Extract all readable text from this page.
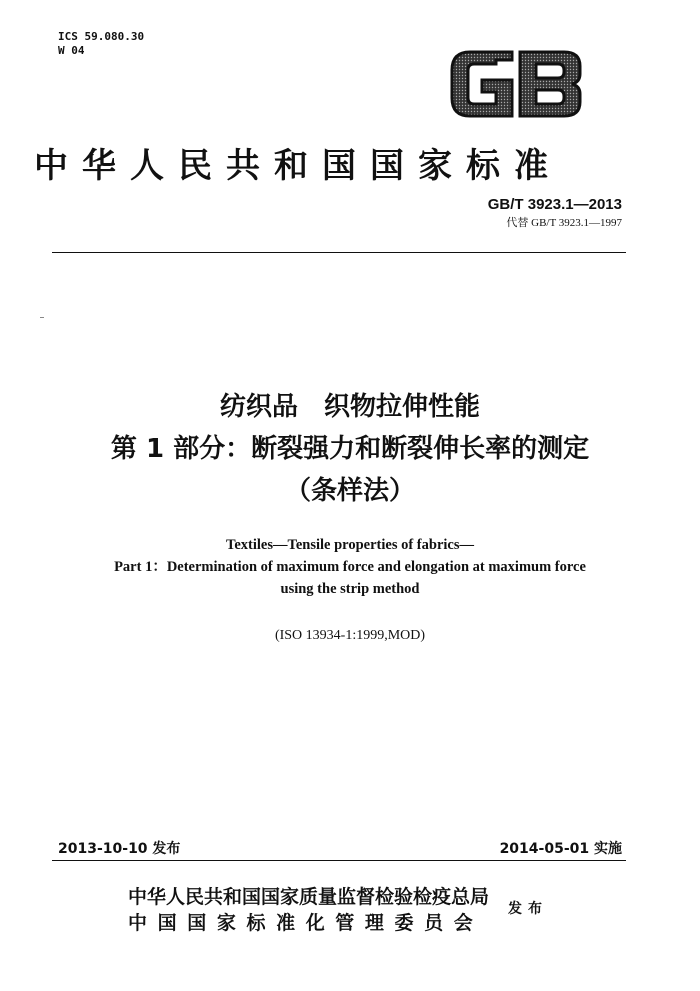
ICS 59.080.30
W 04
中华人民共和国国家标准
GB/T 3923.1—2013
代替 GB/T 3923.1—1997
纺织品　织物拉伸性能
第 1 部分：断裂强力和断裂伸长率的测定
（条样法）
Textiles—Tensile properties of fabrics—
Part 1：Determination of maximum force and elongation at maximum force
using the strip method
(ISO 13934-1:1999,MOD)
2013-10-10 发布	2014-05-01 实施
中华人民共和国国家质量监督检验检疫总局
中 国 国 家 标 准 化 管 理 委 员 会
发布
